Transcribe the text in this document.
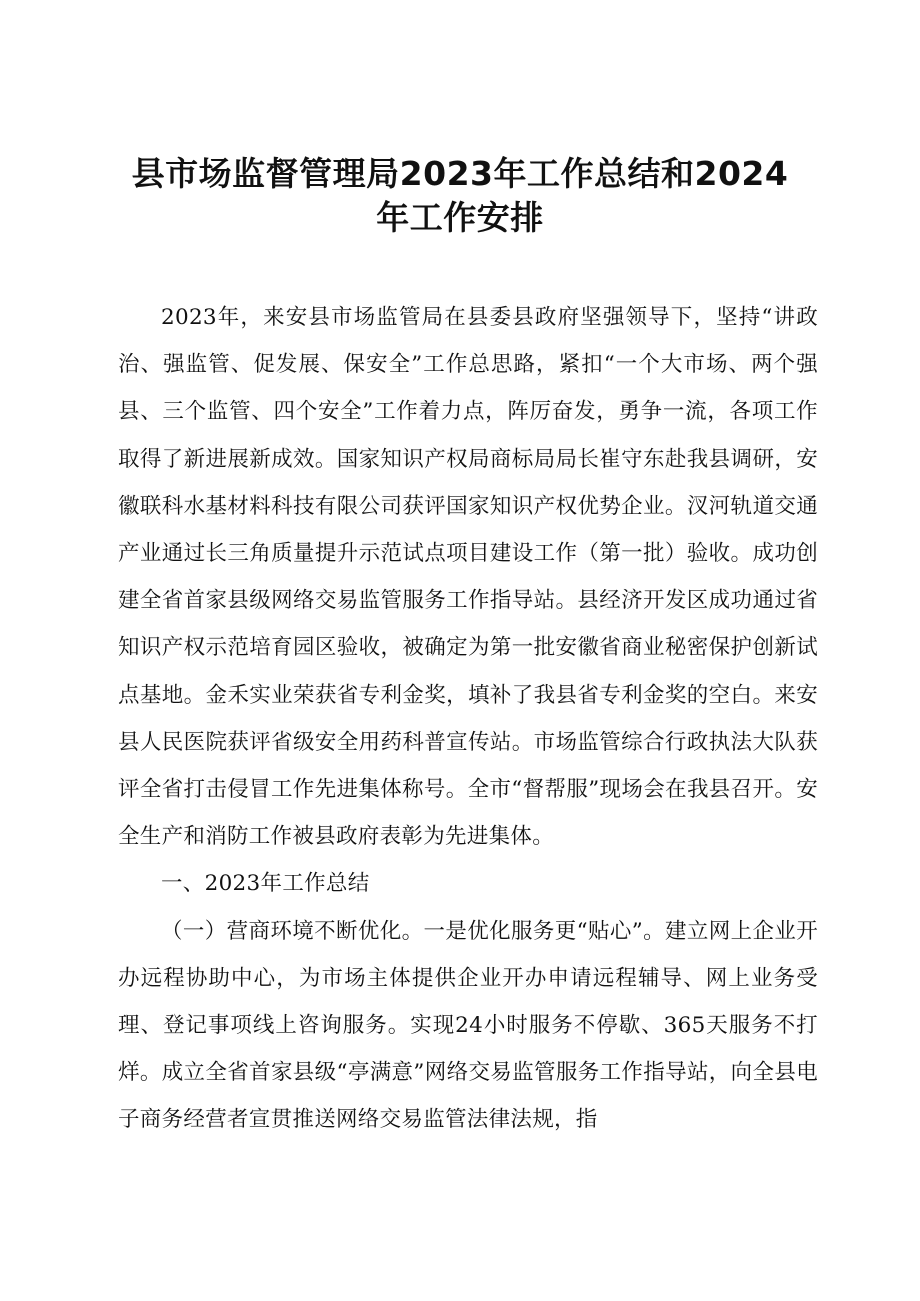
县市场监督管理局2023年工作总结和2024
年工作安排

2023年，来安县市场监管局在县委县政府坚强领导下，坚持“讲政治、强监管、促发展、保安全”工作总思路，紧扣“一个大市场、两个强县、三个监管、四个安全”工作着力点，阵厉奋发，勇争一流，各项工作取得了新进展新成效。国家知识产权局商标局局长崔守东赴我县调研，安徽联科水基材料科技有限公司获评国家知识产权优势企业。汊河轨道交通产业通过长三角质量提升示范试点项目建设工作（第一批）验收。成功创建全省首家县级网络交易监管服务工作指导站。县经济开发区成功通过省知识产权示范培育园区验收，被确定为第一批安徽省商业秘密保护创新试点基地。金禾实业荣获省专利金奖，填补了我县省专利金奖的空白。来安县人民医院获评省级安全用药科普宣传站。市场监管综合行政执法大队获评全省打击侵冒工作先进集体称号。全市“督帮服”现场会在我县召开。安全生产和消防工作被县政府表彰为先进集体。

一、2023年工作总结

（一）营商环境不断优化。一是优化服务更“贴心”。建立网上企业开办远程协助中心，为市场主体提供企业开办申请远程辅导、网上业务受理、登记事项线上咨询服务。实现24小时服务不停歇、365天服务不打烊。成立全省首家县级“亭满意”网络交易监管服务工作指导站，向全县电子商务经营者宣贯推送网络交易监管法律法规，指
